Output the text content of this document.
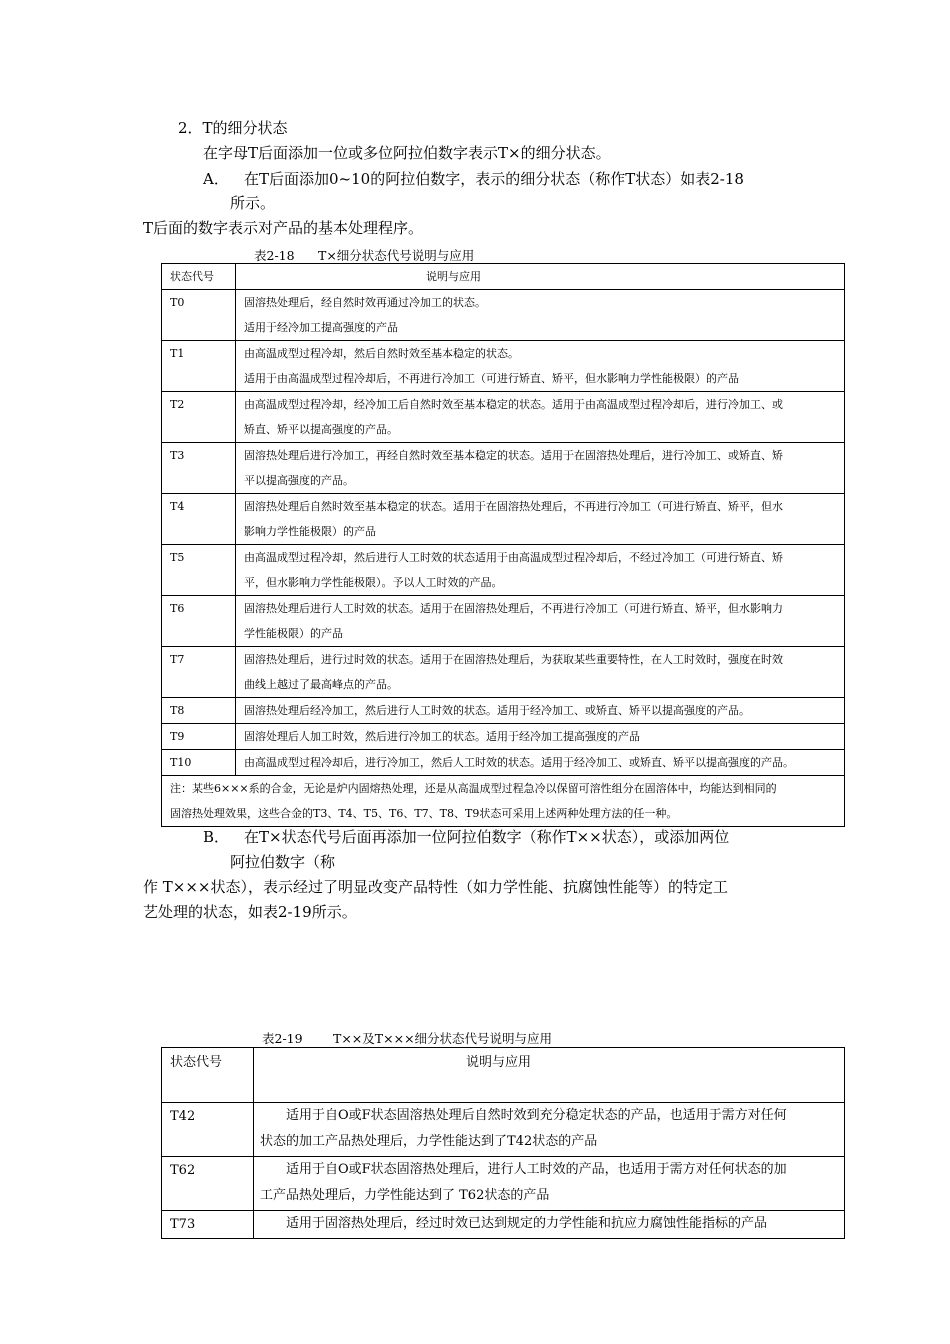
2．T的细分状态
在字母T后面添加一位或多位阿拉伯数字表示T×的细分状态。
A． 在T后面添加0~10的阿拉伯数字，表示的细分状态（称作T状态）如表2-18
所示。
T后面的数字表示对产品的基本处理程序。
表2-18 T×细分状态代号说明与应用
状态代号	说明与应用
T0	固溶热处理后，经自然时效再通过冷加工的状态。
适用于经冷加工提高强度的产品

T1	由高温成型过程冷却，然后自然时效至基本稳定的状态。
适用于由高温成型过程冷却后，不再进行冷加工（可进行矫直、矫平，但水影响力学性能极限）的产品

T2	由高温成型过程冷却，经冷加工后自然时效至基本稳定的状态。适用于由高温成型过程冷却后，进行冷加工、或
矫直、矫平以提高强度的产品。

T3	固溶热处理后进行冷加工，再经自然时效至基本稳定的状态。适用于在固溶热处理后，进行冷加工、或矫直、矫
平以提高强度的产品。

T4	固溶热处理后自然时效至基本稳定的状态。适用于在固溶热处理后，不再进行冷加工（可进行矫直、矫平，但水
影响力学性能极限）的产品

T5	由高温成型过程冷却，然后进行人工时效的状态适用于由高温成型过程冷却后，不经过冷加工（可进行矫直、矫
平，但水影响力学性能极限）。予以人工时效的产品。

T6	固溶热处理后进行人工时效的状态。适用于在固溶热处理后，不再进行冷加工（可进行矫直、矫平，但水影响力
学性能极限）的产品

T7	固溶热处理后，进行过时效的状态。适用于在固溶热处理后，为获取某些重要特性，在人工时效时，强度在时效
曲线上越过了最高峰点的产品。

T8	固溶热处理后经冷加工，然后进行人工时效的状态。适用于经冷加工、或矫直、矫平以提高强度的产品。

T9	固溶处理后人加工时效，然后进行冷加工的状态。适用于经冷加工提高强度的产品

T10	由高温成型过程冷却后，进行冷加工，然后人工时效的状态。适用于经冷加工、或矫直、矫平以提高强度的产品。

注：某些6×××系的合金，无论是炉内固熔热处理，还是从高温成型过程急冷以保留可溶性组分在固溶体中，均能达到相同的
固溶热处理效果，这些合金的T3、T4、T5、T6、T7、T8、T9状态可采用上述两种处理方法的任一种。	
B． 在T×状态代号后面再添加一位阿拉伯数字（称作T××状态），或添加两位
阿拉伯数字（称
作 T×××状态），表示经过了明显改变产品特性（如力学性能、抗腐蚀性能等）的特定工
艺处理的状态，如表2-19所示。
表2-19 T××及T×××细分状态代号说明与应用
状态代号	说明与应用
T42	适用于自O或F状态固溶热处理后自然时效到充分稳定状态的产品，也适用于需方对任何
状态的加工产品热处理后，力学性能达到了T42状态的产品

T62	适用于自O或F状态固溶热处理后，进行人工时效的产品，也适用于需方对任何状态的加
工产品热处理后，力学性能达到了 T62状态的产品

T73	适用于固溶热处理后，经过时效已达到规定的力学性能和抗应力腐蚀性能指标的产品
